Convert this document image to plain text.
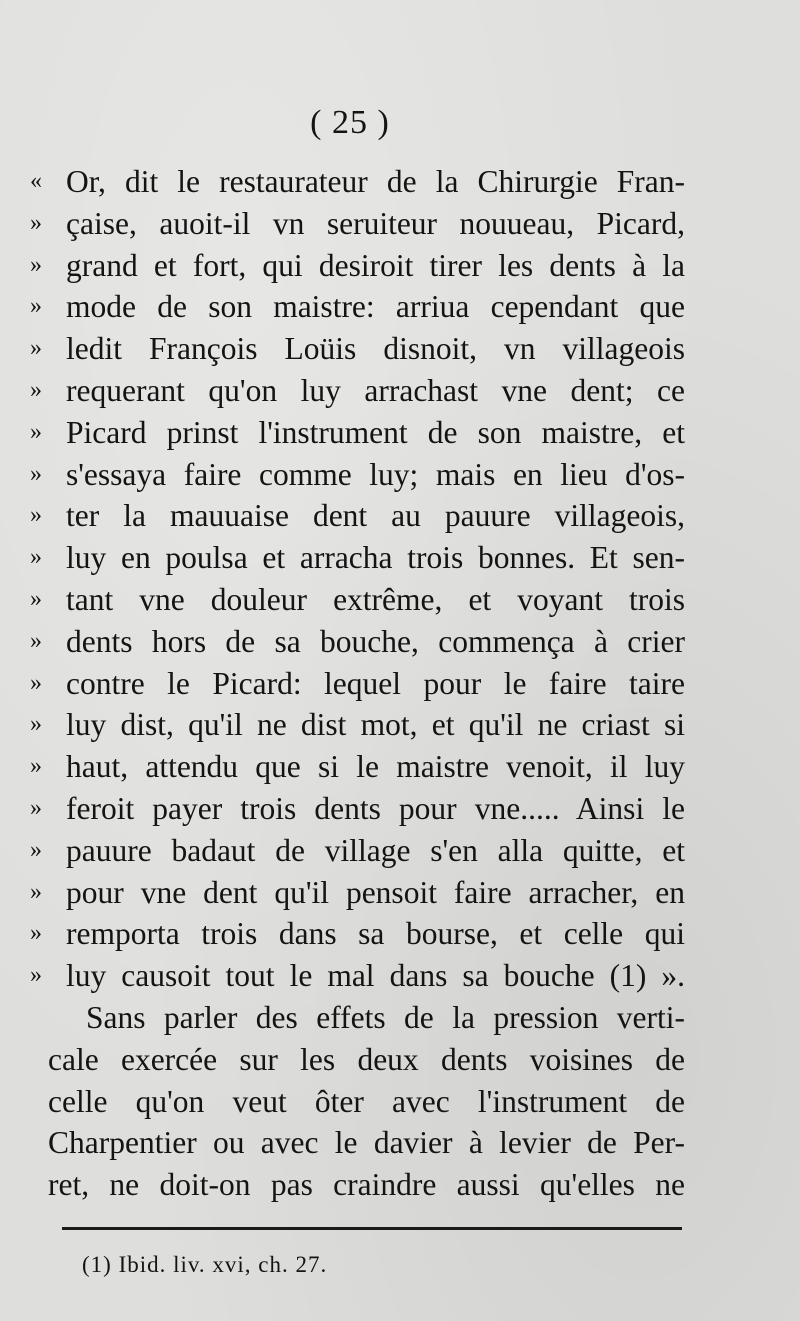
( 25 )
« Or, dit le restaurateur de la Chirurgie Fran-
» çaise, auoit-il vn seruiteur nouueau, Picard,
» grand et fort, qui desiroit tirer les dents à la
» mode de son maistre: arriua cependant que
» ledit François Loüis disnoit, vn villageois
» requerant qu'on luy arrachast vne dent; ce
» Picard prinst l'instrument de son maistre, et
» s'essaya faire comme luy; mais en lieu d'os-
» ter la mauuaise dent au pauure villageois,
» luy en poulsa et arracha trois bonnes. Et sen-
» tant vne douleur extrême, et voyant trois
» dents hors de sa bouche, commença à crier
» contre le Picard: lequel pour le faire taire
» luy dist, qu'il ne dist mot, et qu'il ne criast si
» haut, attendu que si le maistre venoit, il luy
» feroit payer trois dents pour vne..... Ainsi le
» pauure badaut de village s'en alla quitte, et
» pour vne dent qu'il pensoit faire arracher, en
» remporta trois dans sa bourse, et celle qui
» luy causoit tout le mal dans sa bouche (1) ».
Sans parler des effets de la pression verti-
cale exercée sur les deux dents voisines de
celle qu'on veut ôter avec l'instrument de
Charpentier ou avec le davier à levier de Per-
ret, ne doit-on pas craindre aussi qu'elles ne
(1) Ibid. liv. xvi, ch. 27.
